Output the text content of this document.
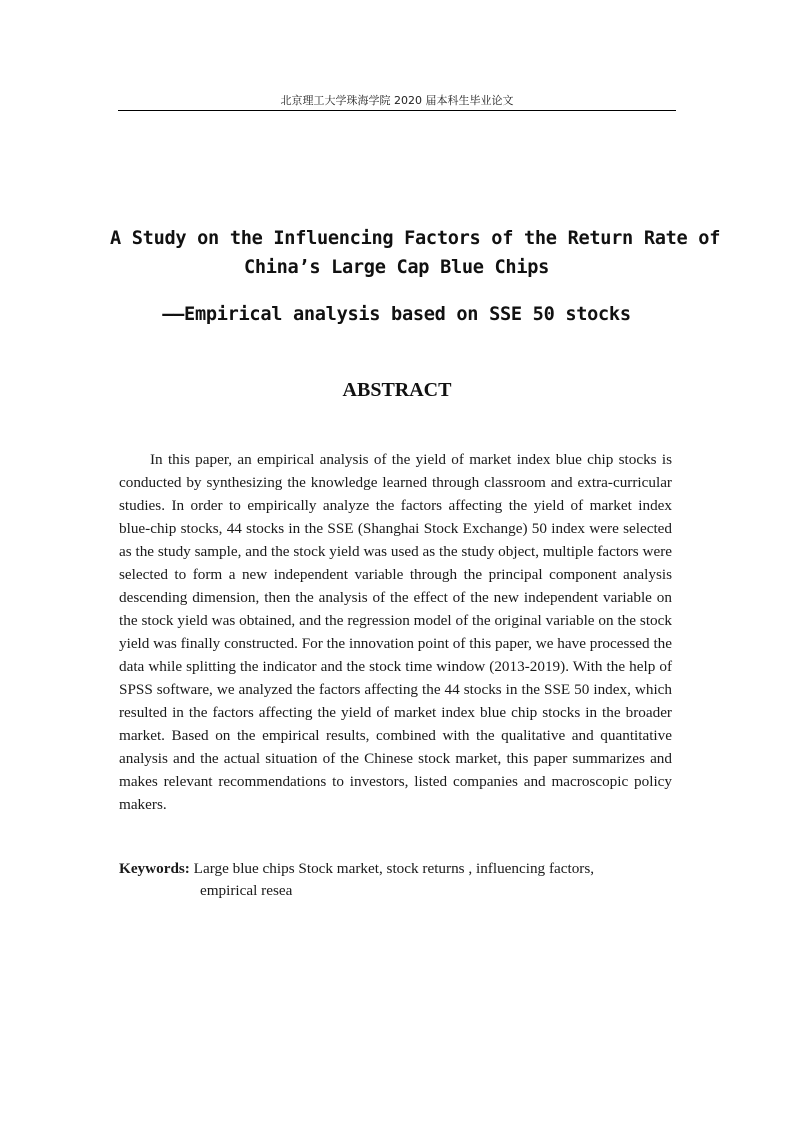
北京理工大学珠海学院 2020 届本科生毕业论文
A Study on the Influencing Factors of the Return Rate of
China’s Large Cap Blue Chips
——Empirical analysis based on SSE 50 stocks
ABSTRACT

In this paper, an empirical analysis of the yield of market index blue chip stocks is conducted by synthesizing the knowledge learned through classroom and extra-curricular studies. In order to empirically analyze the factors affecting the yield of market index blue-chip stocks, 44 stocks in the SSE (Shanghai Stock Exchange) 50 index were selected as the study sample, and the stock yield was used as the study object, multiple factors were selected to form a new independent variable through the principal component analysis descending dimension, then the analysis of the effect of the new independent variable on the stock yield was obtained, and the regression model of the original variable on the stock yield was finally constructed. For the innovation point of this paper, we have processed the data while splitting the indicator and the stock time window (2013-2019). With the help of SPSS software, we analyzed the factors affecting the 44 stocks in the SSE 50 index, which resulted in the factors affecting the yield of market index blue chip stocks in the broader market. Based on the empirical results, combined with the qualitative and quantitative analysis and the actual situation of the Chinese stock market, this paper summarizes and makes relevant recommendations to investors, listed companies and macroscopic policy makers.

Keywords: Large blue chips Stock market, stock returns , influencing factors,
empirical resea
